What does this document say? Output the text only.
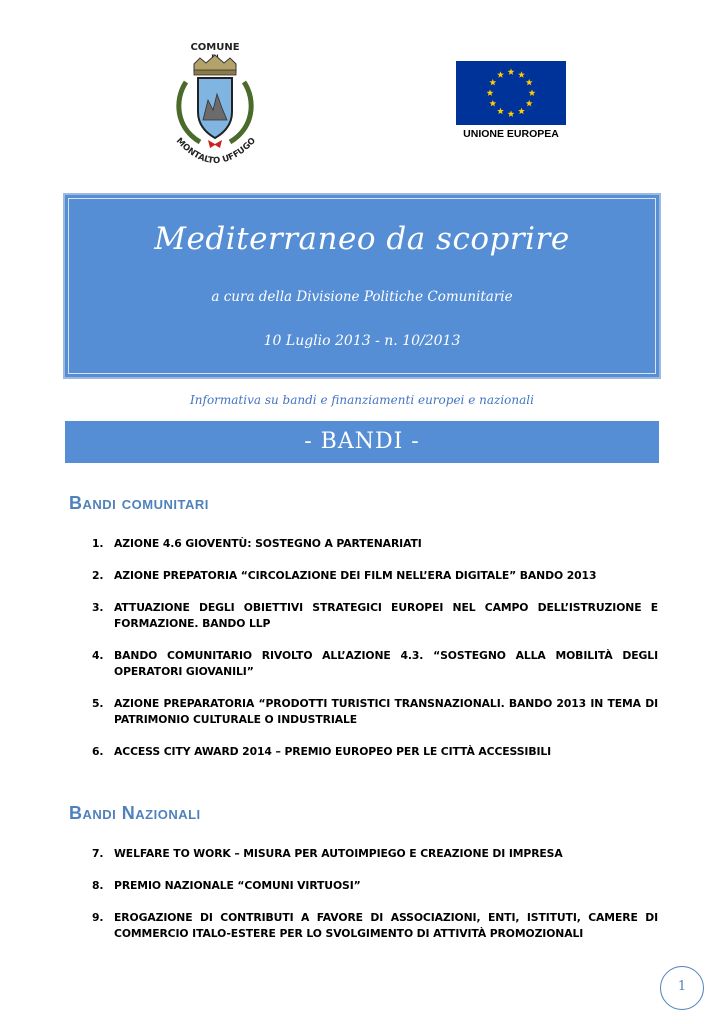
COMUNE
MONTALTO UFFUGO
UNIONE EUROPEA
Mediterraneo da scoprire
a cura della Divisione Politiche Comunitarie
10 Luglio 2013 - n. 10/2013
Informativa su bandi e finanziamenti europei e nazionali
- BANDI -
Bandi comunitari
1. AZIONE 4.6 GIOVENTÙ: SOSTEGNO A PARTENARIATI
2. AZIONE PREPATORIA “CIRCOLAZIONE DEI FILM NELL’ERA DIGITALE” BANDO 2013
3. ATTUAZIONE DEGLI OBIETTIVI STRATEGICI EUROPEI NEL CAMPO DELL’ISTRUZIONE E FORMAZIONE. BANDO LLP
4. BANDO COMUNITARIO RIVOLTO ALL’AZIONE 4.3. “SOSTEGNO ALLA MOBILITÀ DEGLI OPERATORI GIOVANILI”
5. AZIONE PREPARATORIA “PRODOTTI TURISTICI TRANSNAZIONALI. BANDO 2013 IN TEMA DI PATRIMONIO CULTURALE O INDUSTRIALE
6. ACCESS CITY AWARD 2014 – PREMIO EUROPEO PER LE CITTÀ ACCESSIBILI
Bandi Nazionali
7. WELFARE TO WORK – MISURA PER AUTOIMPIEGO E CREAZIONE DI IMPRESA
8. PREMIO NAZIONALE “COMUNI VIRTUOSI”
9. EROGAZIONE DI CONTRIBUTI A FAVORE DI ASSOCIAZIONI, ENTI, ISTITUTI, CAMERE DI COMMERCIO ITALO-ESTERE PER LO SVOLGIMENTO DI ATTIVITÀ PROMOZIONALI
1
